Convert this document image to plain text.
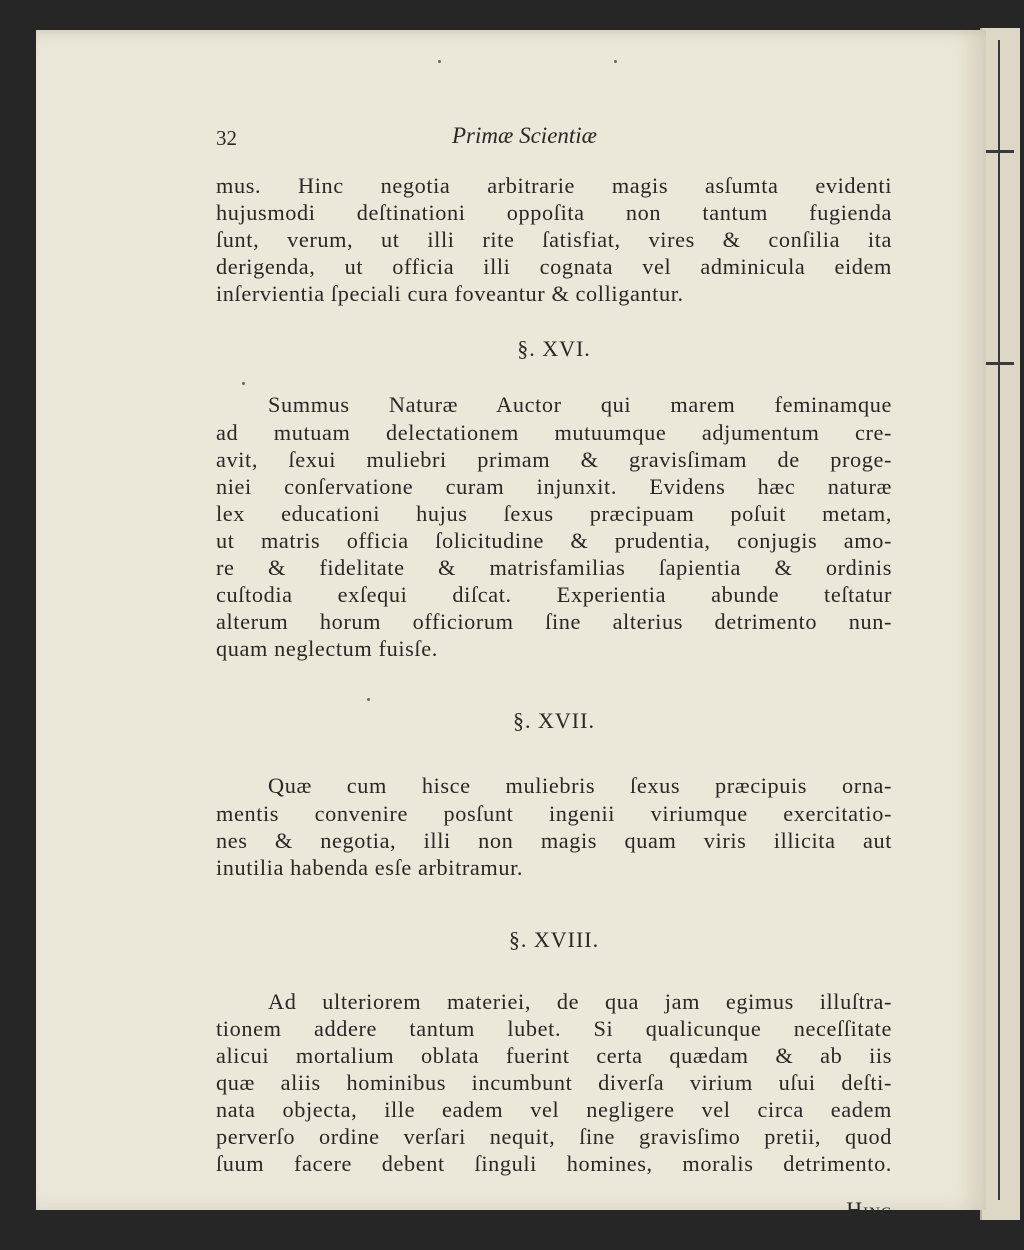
32	Primæ Scientiæ
mus. Hinc negotia arbitrarie magis asſumta evidenti
hujusmodi deſtinationi oppoſita non tantum fugienda
ſunt, verum, ut illi rite ſatisfiat, vires & conſilia ita
derigenda, ut officia illi cognata vel adminicula eidem
inſervientia ſpeciali cura foveantur & colligantur.
§. XVI.
Summus Naturæ Auctor qui marem feminamque
ad mutuam delectationem mutuumque adjumentum cre-
avit, ſexui muliebri primam & gravisſimam de proge-
niei conſervatione curam injunxit. Evidens hæc naturæ
lex educationi hujus ſexus præcipuam poſuit metam,
ut matris officia ſolicitudine & prudentia, conjugis amo-
re & fidelitate & matrisfamilias ſapientia & ordinis
cuſtodia exſequi diſcat. Experientia abunde teſtatur
alterum horum officiorum ſine alterius detrimento nun-
quam neglectum fuisſe.
§. XVII.
Quæ cum hisce muliebris ſexus præcipuis orna-
mentis convenire posſunt ingenii viriumque exercitatio-
nes & negotia, illi non magis quam viris illicita aut
inutilia habenda esſe arbitramur.
§. XVIII.
Ad ulteriorem materiei, de qua jam egimus illuſtra-
tionem addere tantum lubet. Si qualicunque neceſſitate
alicui mortalium oblata fuerint certa quædam & ab iis
quæ aliis hominibus incumbunt diverſa virium uſui deſti-
nata objecta, ille eadem vel negligere vel circa eadem
perverſo ordine verſari nequit, ſine gravisſimo pretii, quod
ſuum facere debent ſinguli homines, moralis detrimento.
Hinc
